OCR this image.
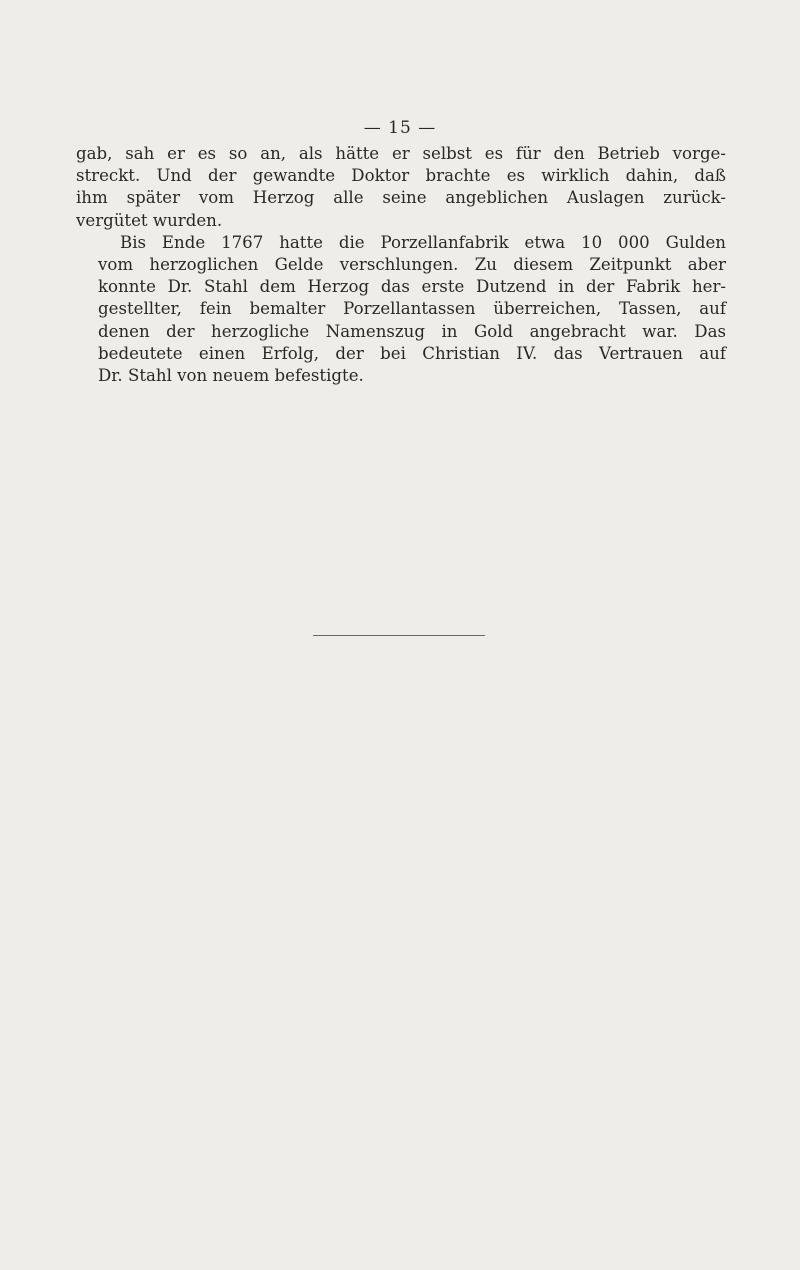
— 15 —

gab, sah er es so an, als hätte er selbst es für den Betrieb vorge-
streckt. Und der gewandte Doktor brachte es wirklich dahin, daß
ihm später vom Herzog alle seine angeblichen Auslagen zurück-
vergütet wurden.

Bis Ende 1767 hatte die Porzellanfabrik etwa 10 000 Gulden
vom herzoglichen Gelde verschlungen. Zu diesem Zeitpunkt aber
konnte Dr. Stahl dem Herzog das erste Dutzend in der Fabrik her-
gestellter, fein bemalter Porzellantassen überreichen, Tassen, auf
denen der herzogliche Namenszug in Gold angebracht war. Das
bedeutete einen Erfolg, der bei Christian IV. das Vertrauen auf
Dr. Stahl von neuem befestigte.
